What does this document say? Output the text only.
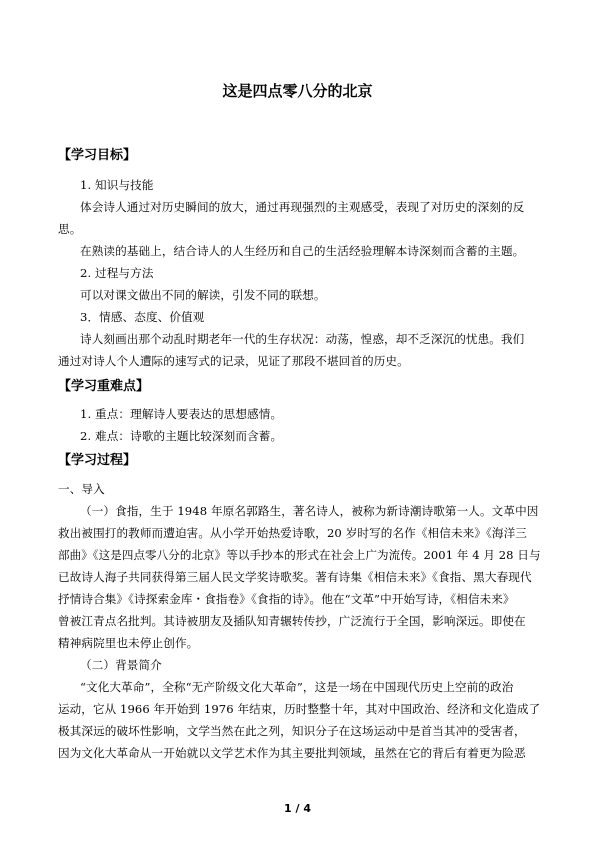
这是四点零八分的北京
【学习目标】
1. 知识与技能
体会诗人通过对历史瞬间的放大，通过再现强烈的主观感受，表现了对历史的深刻的反
思。
在熟读的基础上，结合诗人的人生经历和自己的生活经验理解本诗深刻而含蓄的主题。
2. 过程与方法
可以对课文做出不同的解读，引发不同的联想。
3．情感、态度、价值观
诗人刻画出那个动乱时期老年一代的生存状况：动荡，惶惑，却不乏深沉的忧患。我们
通过对诗人个人遭际的速写式的记录，见证了那段不堪回首的历史。
【学习重难点】
1. 重点：理解诗人要表达的思想感情。
2. 难点：诗歌的主题比较深刻而含蓄。
【学习过程】
一、导入
（一）食指，生于 1948 年原名郭路生，著名诗人，被称为新诗潮诗歌第一人。文革中因
救出被围打的教师而遭迫害。从小学开始热爱诗歌，20 岁时写的名作《相信未来》《海洋三
部曲》《这是四点零八分的北京》等以手抄本的形式在社会上广为流传。2001 年 4 月 28 日与
已故诗人海子共同获得第三届人民文学奖诗歌奖。著有诗集《相信未来》《食指、黑大春现代
抒情诗合集》《诗探索金库・食指卷》《食指的诗》。他在“文革”中开始写诗，《相信未来》
曾被江青点名批判。其诗被朋友及插队知青辗转传抄，广泛流行于全国，影响深远。即使在
精神病院里也未停止创作。
（二）背景简介
“文化大革命”，全称“无产阶级文化大革命”，这是一场在中国现代历史上空前的政治
运动，它从 1966 年开始到 1976 年结束，历时整整十年，其对中国政治、经济和文化造成了
极其深远的破坏性影响，文学当然在此之列，知识分子在这场运动中是首当其冲的受害者，
因为文化大革命从一开始就以文学艺术作为其主要批判领域，虽然在它的背后有着更为险恶
1 / 4
